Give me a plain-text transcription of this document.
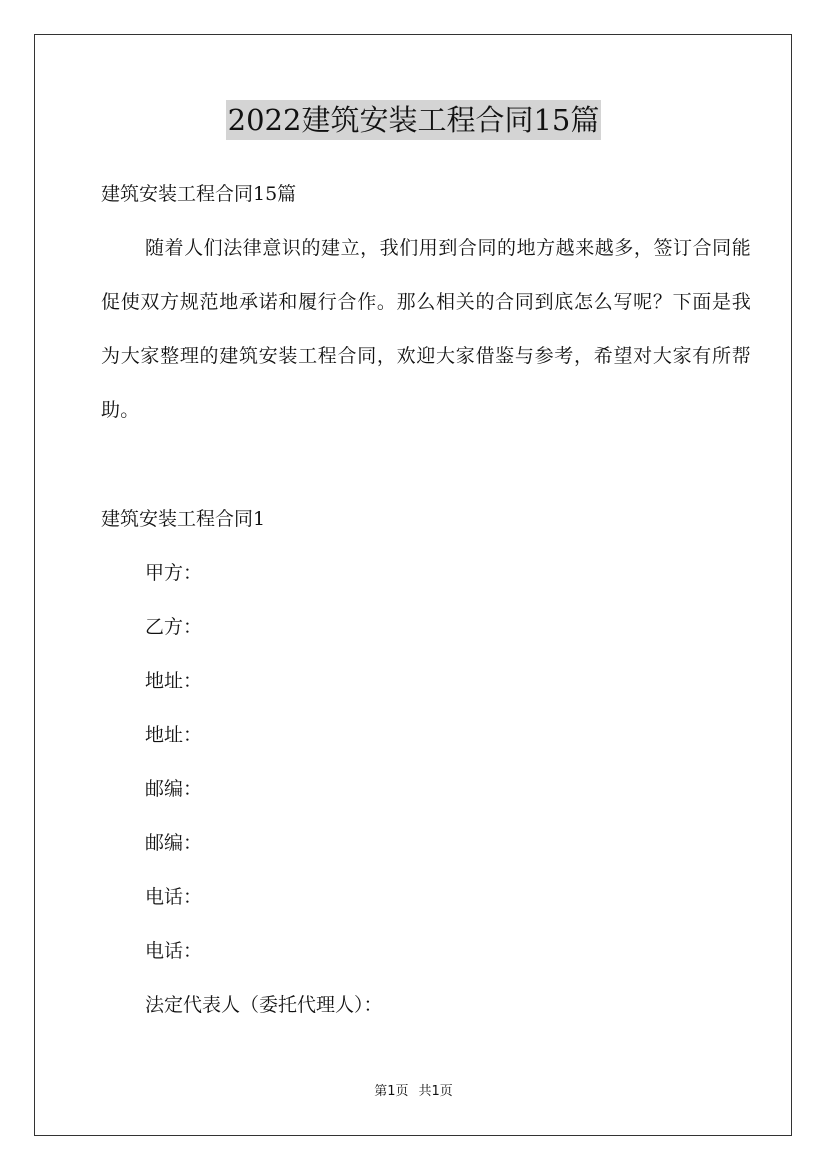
2022建筑安装工程合同15篇
建筑安装工程合同15篇
随着人们法律意识的建立，我们用到合同的地方越来越多，签订合同能促使双方规范地承诺和履行合作。那么相关的合同到底怎么写呢？下面是我为大家整理的建筑安装工程合同，欢迎大家借鉴与参考，希望对大家有所帮助。
建筑安装工程合同1
甲方：
乙方：
地址：
地址：
邮编：
邮编：
电话：
电话：
法定代表人（委托代理人）：
第1页 共1页
